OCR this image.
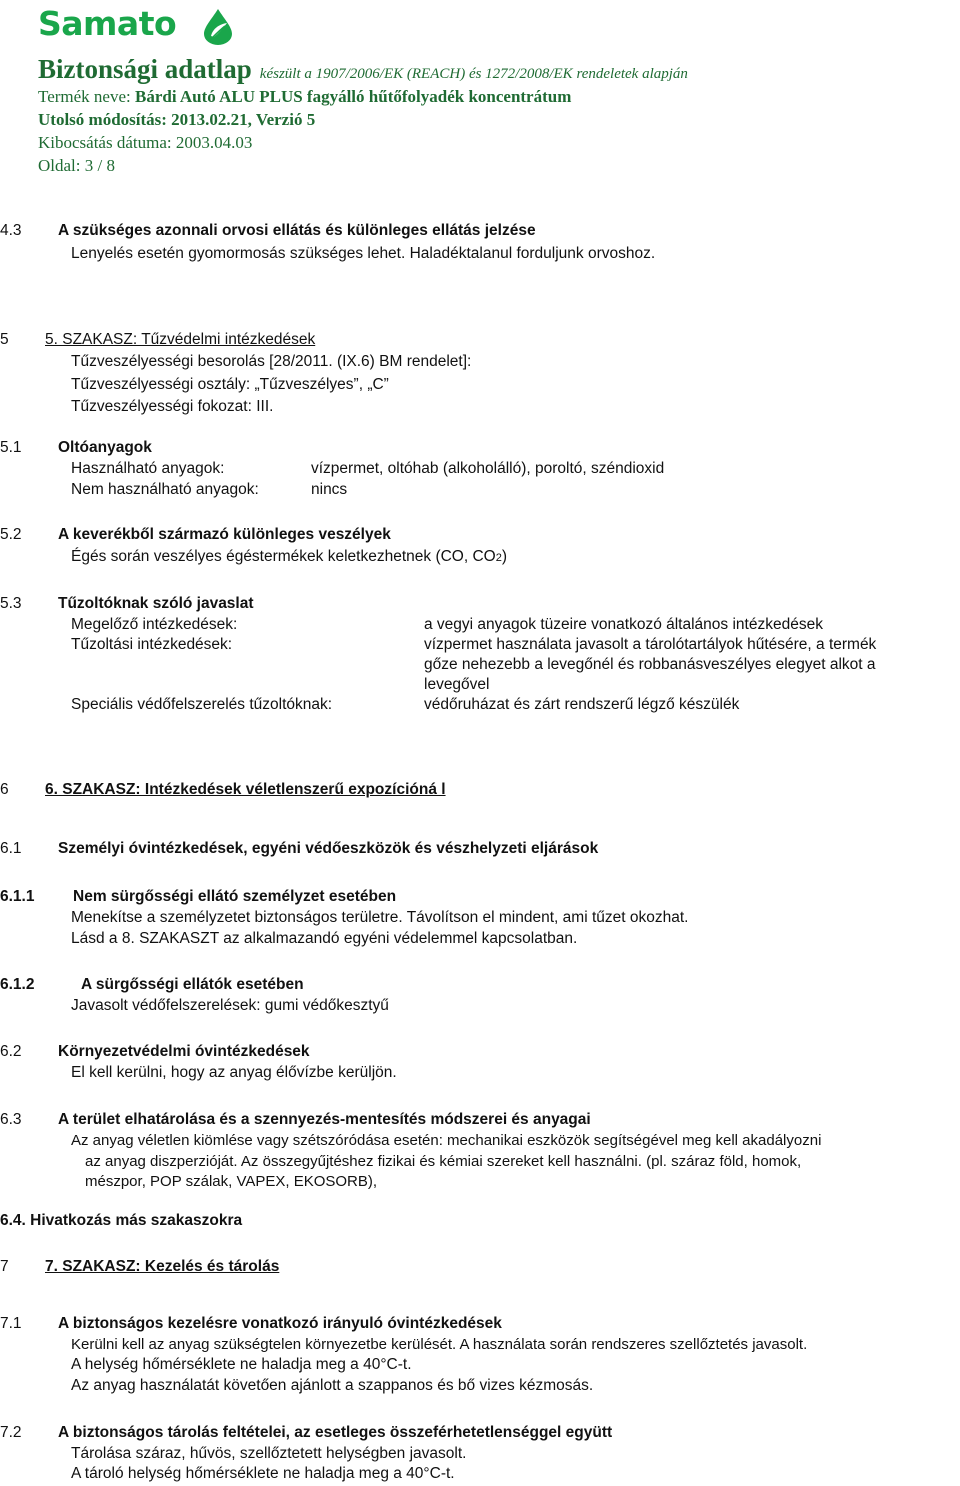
Samato
Biztonsági adatlap készült a 1907/2006/EK (REACH) és 1272/2008/EK rendeletek alapján
Termék neve: Bárdi Autó ALU PLUS fagyálló hűtőfolyadék koncentrátum
Utolsó módosítás: 2013.02.21, Verzió 5
Kibocsátás dátuma: 2003.04.03
Oldal: 3 / 8
4.3 A szükséges azonnali orvosi ellátás és különleges ellátás jelzése
Lenyelés esetén gyomormosás szükséges lehet. Haladéktalanul forduljunk orvoshoz.
5 5. SZAKASZ: Tűzvédelmi intézkedések
Tűzveszélyességi besorolás [28/2011. (IX.6) BM rendelet]:
Tűzveszélyességi osztály: „Tűzveszélyes”, „C”
Tűzveszélyességi fokozat: III.
5.1 Oltóanyagok
Használható anyagok:	vízpermet, oltóhab (alkoholálló), poroltó, széndioxid
Nem használható anyagok:	nincs
5.2 A keverékből származó különleges veszélyek
Égés során veszélyes égéstermékek keletkezhetnek (CO, CO2)
5.3 Tűzoltóknak szóló javaslat
Megelőző intézkedések:	a vegyi anyagok tüzeire vonatkozó általános intézkedések
Tűzoltási intézkedések:	vízpermet használata javasolt a tárolótartályok hűtésére, a termék
gőze nehezebb a levegőnél és robbanásveszélyes elegyet alkot a
levegővel
Speciális védőfelszerelés tűzoltóknak:	védőruházat és zárt rendszerű légző készülék
6 6. SZAKASZ: Intézkedések véletlenszerű expozícióná l
6.1 Személyi óvintézkedések, egyéni védőeszközök és vészhelyzeti eljárások
6.1.1 Nem sürgősségi ellátó személyzet esetében
Menekítse a személyzetet biztonságos területre. Távolítson el mindent, ami tűzet okozhat.
Lásd a 8. SZAKASZT az alkalmazandó egyéni védelemmel kapcsolatban.
6.1.2	A sürgősségi ellátók esetében
Javasolt védőfelszerelések: gumi védőkesztyű
6.2 Környezetvédelmi óvintézkedések
El kell kerülni, hogy az anyag élővízbe kerüljön.
6.3 A terület elhatárolása és a szennyezés-mentesítés módszerei és anyagai
Az anyag véletlen kiömlése vagy szétszóródása esetén: mechanikai eszközök segítségével meg kell akadályozni
az anyag diszperzióját. Az összegyűjtéshez fizikai és kémiai szereket kell használni. (pl. száraz föld, homok,
mészpor, POP szálak, VAPEX, EKOSORB),
6.4. Hivatkozás más szakaszokra
7 7. SZAKASZ: Kezelés és tárolás
7.1 A biztonságos kezelésre vonatkozó irányuló óvintézkedések
Kerülni kell az anyag szükségtelen környezetbe kerülését. A használata során rendszeres szellőztetés javasolt.
A helység hőmérséklete ne haladja meg a 40°C-t.
Az anyag használatát követően ajánlott a szappanos és bő vizes kézmosás.
7.2 A biztonságos tárolás feltételei, az esetleges összeférhetetlenséggel együtt
Tárolása száraz, hűvös, szellőztetett helységben javasolt.
A tároló helység hőmérséklete ne haladja meg a 40°C-t.
